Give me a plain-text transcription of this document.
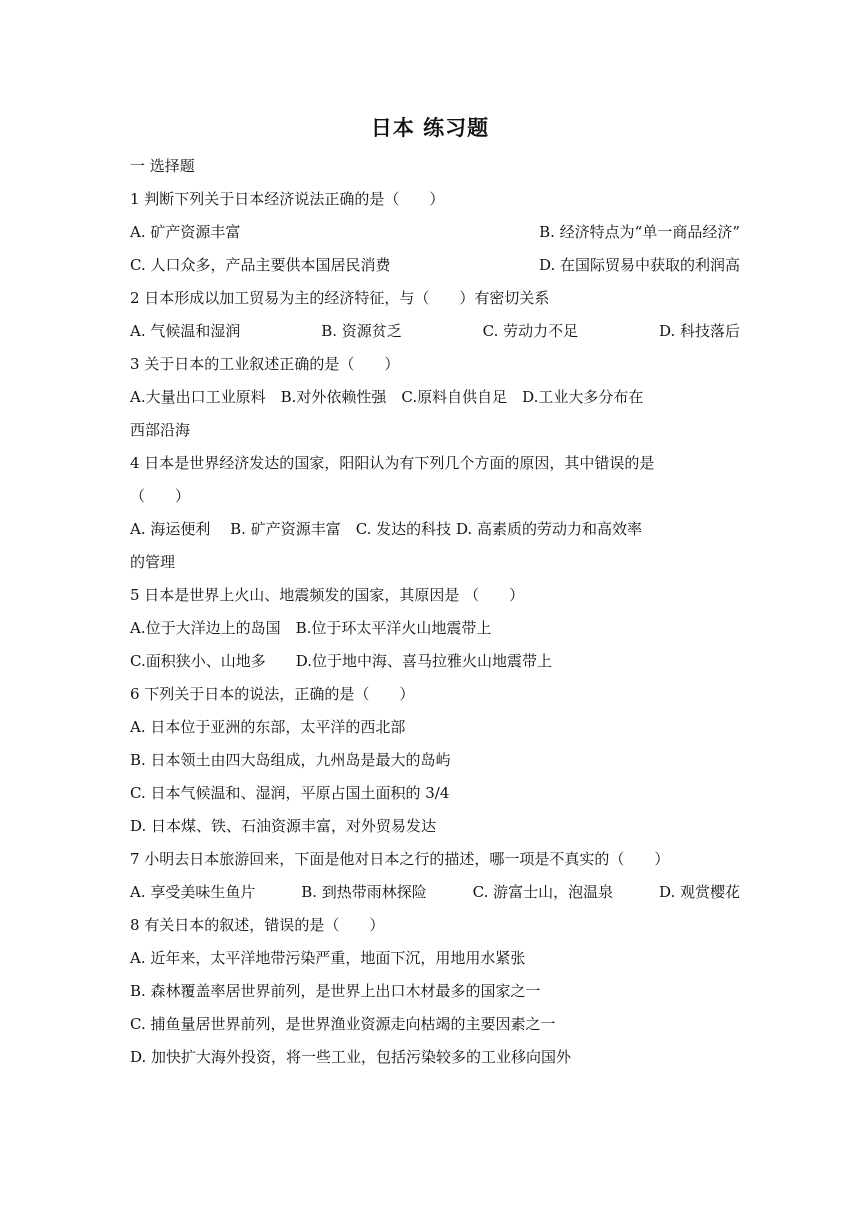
日本 练习题
一 选择题
1 判断下列关于日本经济说法正确的是（　　）
A. 矿产资源丰富	B. 经济特点为“单一商品经济”
C. 人口众多，产品主要供本国居民消费	D. 在国际贸易中获取的利润高
2 日本形成以加工贸易为主的经济特征，与（　　）有密切关系
A. 气候温和湿润	B. 资源贫乏	C. 劳动力不足	D. 科技落后
3 关于日本的工业叙述正确的是（　　）
A.大量出口工业原料　B.对外依赖性强　C.原料自供自足　D.工业大多分布在
西部沿海
4 日本是世界经济发达的国家，阳阳认为有下列几个方面的原因，其中错误的是
（　　）
A. 海运便利　 B. 矿产资源丰富　C. 发达的科技 D. 高素质的劳动力和高效率
的管理
5 日本是世界上火山、地震频发的国家，其原因是 （　　）
A.位于大洋边上的岛国　B.位于环太平洋火山地震带上
C.面积狭小、山地多　　D.位于地中海、喜马拉雅火山地震带上
6 下列关于日本的说法，正确的是（　　）
A. 日本位于亚洲的东部，太平洋的西北部
B. 日本领土由四大岛组成，九州岛是最大的岛屿
C. 日本气候温和、湿润，平原占国土面积的 3/4
D. 日本煤、铁、石油资源丰富，对外贸易发达
7 小明去日本旅游回来，下面是他对日本之行的描述，哪一项是不真实的（　　）
A. 享受美味生鱼片	B. 到热带雨林探险	C. 游富士山，泡温泉	D. 观赏樱花
8 有关日本的叙述，错误的是（　　）
A. 近年来，太平洋地带污染严重，地面下沉，用地用水紧张
B. 森林覆盖率居世界前列，是世界上出口木材最多的国家之一
C. 捕鱼量居世界前列，是世界渔业资源走向枯竭的主要因素之一
D. 加快扩大海外投资，将一些工业，包括污染较多的工业移向国外
